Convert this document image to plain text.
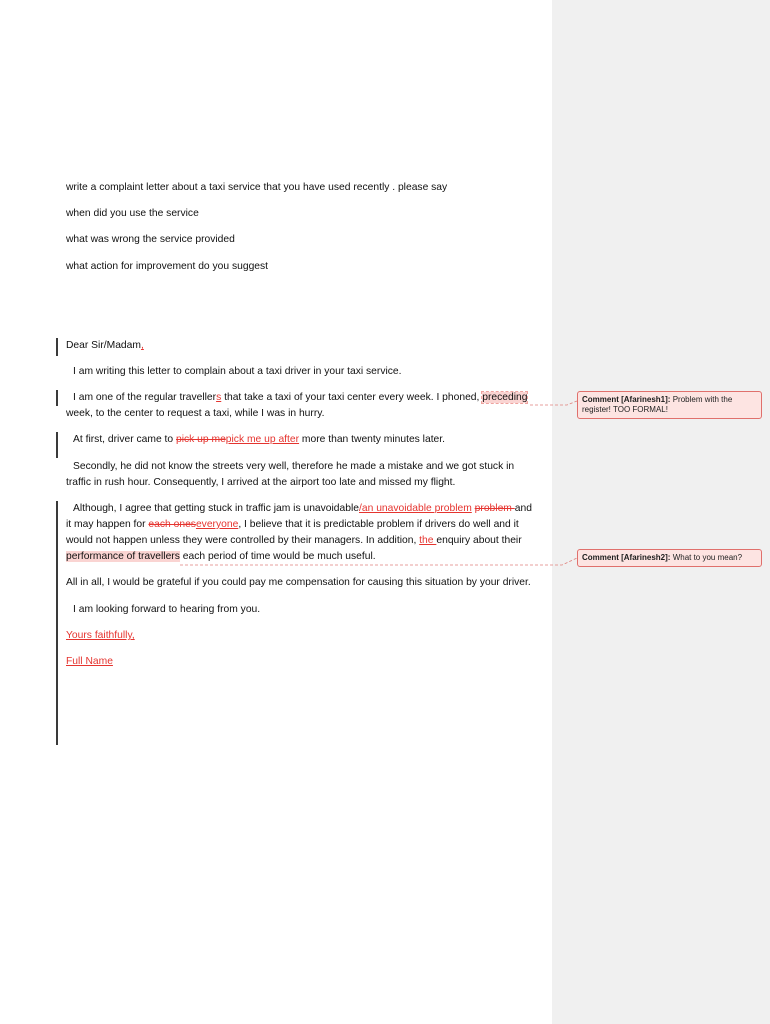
write a complaint letter about a taxi service that you have used recently . please say
when did you use the service
what was wrong the service provided
what action for improvement do you suggest
Dear Sir/Madam,
I am writing this letter to complain about a taxi driver in your taxi service.
I am one of the regular travellers that take a taxi of your taxi center every week. I phoned, preceding
week, to the center to request a taxi, while I was in hurry.
At first, driver came to pick up mepick me up after more than twenty minutes later.
Secondly, he did not know the streets very well, therefore he made a mistake and we got stuck in
traffic in rush hour. Consequently, I arrived at the airport too late and missed my flight.
Although, I agree that getting stuck in traffic jam is unavoidable/an unavoidable problem problem and
it may happen for each oneseveryone, I believe that it is predictable problem if drivers do well and it
would not happen unless they were controlled by their managers. In addition, the enquiry about their
performance of travellers each period of time would be much useful.
All in all, I would be grateful if you could pay me compensation for causing this situation by your driver.
I am looking forward to hearing from you.
Yours faithfully,
Full Name
Comment [Afarinesh1]: Problem with the register! TOO FORMAL!
Comment [Afarinesh2]: What to you mean?
